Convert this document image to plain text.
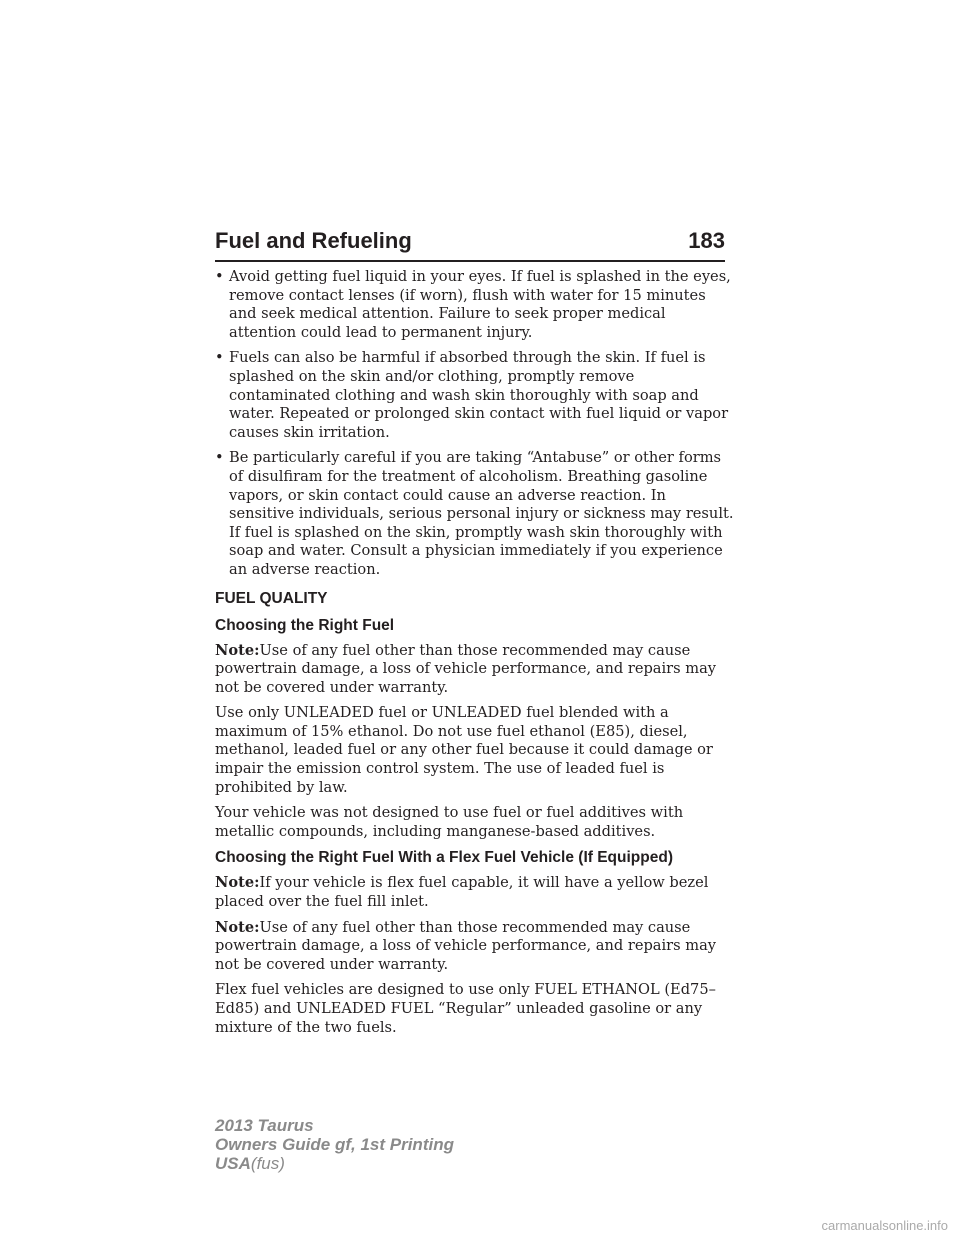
Fuel and Refueling	183
• Avoid getting fuel liquid in your eyes. If fuel is splashed in the eyes, remove contact lenses (if worn), flush with water for 15 minutes and seek medical attention. Failure to seek proper medical attention could lead to permanent injury.
• Fuels can also be harmful if absorbed through the skin. If fuel is splashed on the skin and/or clothing, promptly remove contaminated clothing and wash skin thoroughly with soap and water. Repeated or prolonged skin contact with fuel liquid or vapor causes skin irritation.
• Be particularly careful if you are taking “Antabuse” or other forms of disulfiram for the treatment of alcoholism. Breathing gasoline vapors, or skin contact could cause an adverse reaction. In sensitive individuals, serious personal injury or sickness may result. If fuel is splashed on the skin, promptly wash skin thoroughly with soap and water. Consult a physician immediately if you experience an adverse reaction.
FUEL QUALITY
Choosing the Right Fuel

Note:Use of any fuel other than those recommended may cause powertrain damage, a loss of vehicle performance, and repairs may not be covered under warranty.

Use only UNLEADED fuel or UNLEADED fuel blended with a maximum of 15% ethanol. Do not use fuel ethanol (E85), diesel, methanol, leaded fuel or any other fuel because it could damage or impair the emission control system. The use of leaded fuel is prohibited by law.

Your vehicle was not designed to use fuel or fuel additives with metallic compounds, including manganese-based additives.

Choosing the Right Fuel With a Flex Fuel Vehicle (If Equipped)

Note:If your vehicle is flex fuel capable, it will have a yellow bezel placed over the fuel fill inlet.

Note:Use of any fuel other than those recommended may cause powertrain damage, a loss of vehicle performance, and repairs may not be covered under warranty.

Flex fuel vehicles are designed to use only FUEL ETHANOL (Ed75–Ed85) and UNLEADED FUEL “Regular” unleaded gasoline or any mixture of the two fuels.

2013 Taurus
Owners Guide gf, 1st Printing
USA(fus)
carmanualsonline.info
